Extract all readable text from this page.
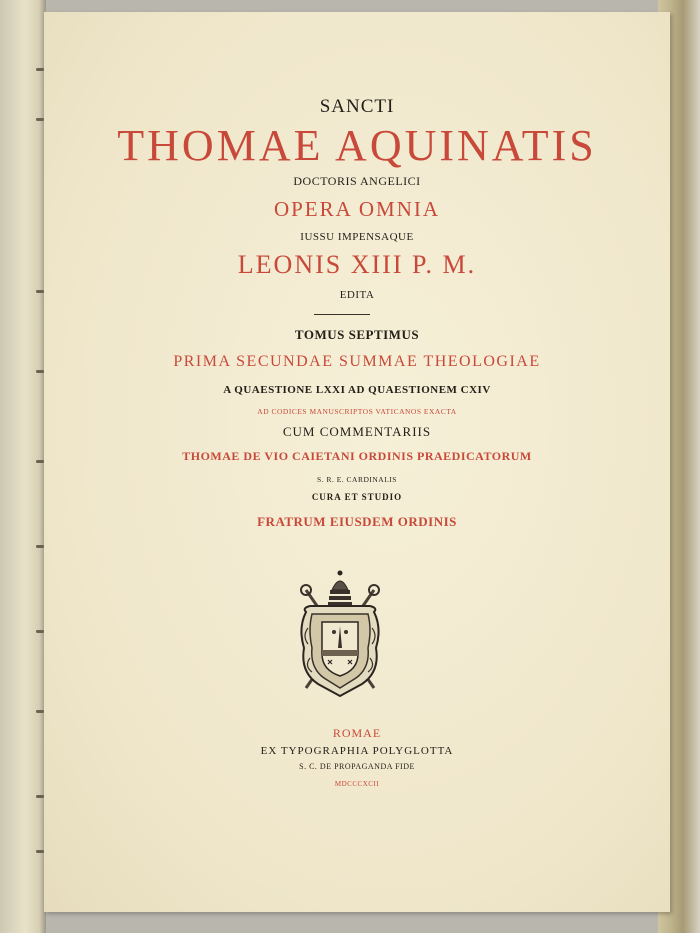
SANCTI
THOMAE AQUINATIS
DOCTORIS ANGELICI
OPERA OMNIA
IUSSU IMPENSAQUE
LEONIS XIII P. M.
EDITA
TOMUS SEPTIMUS
PRIMA SECUNDAE SUMMAE THEOLOGIAE
A QUAESTIONE LXXI AD QUAESTIONEM CXIV
AD CODICES MANUSCRIPTOS VATICANOS EXACTA
CUM COMMENTARIIS
THOMAE DE VIO CAIETANI ORDINIS PRAEDICATORUM
S. R. E. CARDINALIS
CURA ET STUDIO
FRATRUM EIUSDEM ORDINIS
ROMAE
EX TYPOGRAPHIA POLYGLOTTA
S. C. DE PROPAGANDA FIDE
MDCCCXCII
